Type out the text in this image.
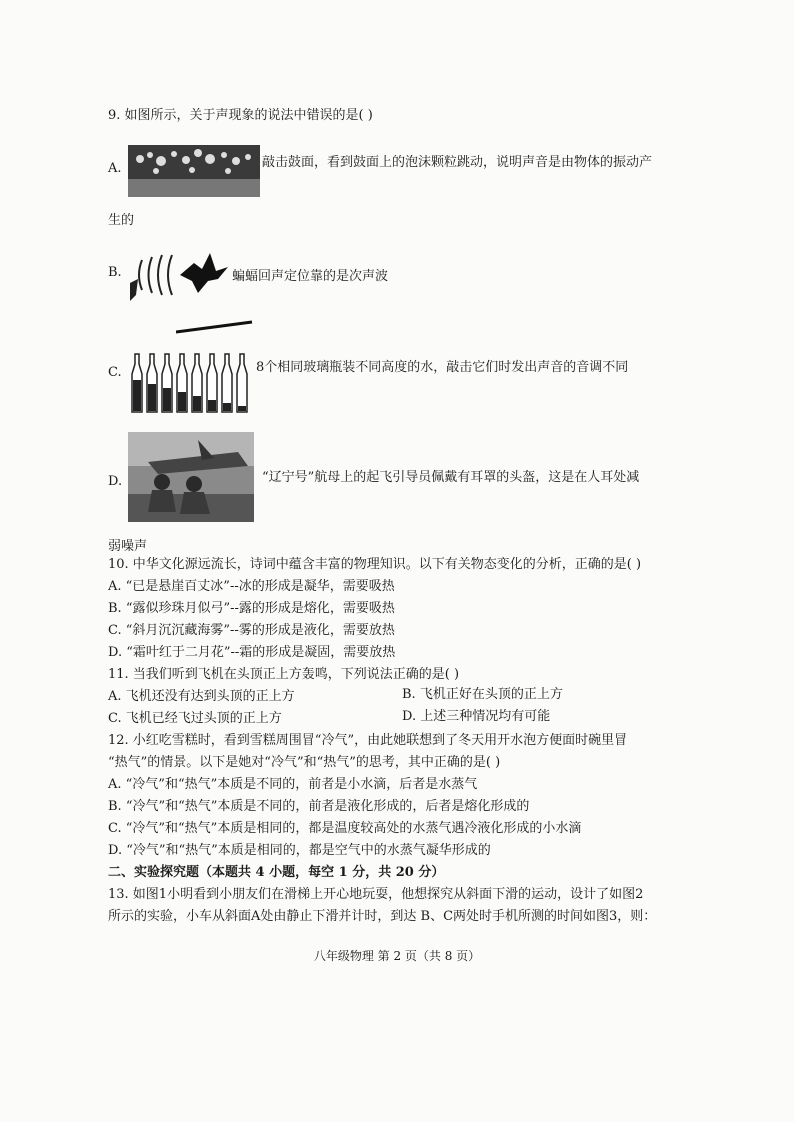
9. 如图所示，关于声现象的说法中错误的是( )
A.	敲击鼓面，看到鼓面上的泡沫颗粒跳动，说明声音是由物体的振动产
生的
B.	蝙蝠回声定位靠的是次声波
C.	8个相同玻璃瓶装不同高度的水，敲击它们时发出声音的音调不同
D.	“辽宁号”航母上的起飞引导员佩戴有耳罩的头盔，这是在人耳处减
弱噪声
10. 中华文化源远流长，诗词中蕴含丰富的物理知识。以下有关物态变化的分析，正确的是( )
A. “已是悬崖百丈冰”--冰的形成是凝华，需要吸热
B. “露似珍珠月似弓”--露的形成是熔化，需要吸热
C. “斜月沉沉藏海雾”--雾的形成是液化，需要放热
D. “霜叶红于二月花”--霜的形成是凝固，需要放热
11. 当我们听到飞机在头顶正上方轰鸣，下列说法正确的是( )
A. 飞机还没有达到头顶的正上方	B. 飞机正好在头顶的正上方
C. 飞机已经飞过头顶的正上方	D. 上述三种情况均有可能
12. 小红吃雪糕时，看到雪糕周围冒“冷气”，由此她联想到了冬天用开水泡方便面时碗里冒
“热气”的情景。以下是她对“冷气”和“热气”的思考，其中正确的是( )
A. “冷气”和“热气”本质是不同的，前者是小水滴，后者是水蒸气
B. “冷气”和“热气”本质是不同的，前者是液化形成的，后者是熔化形成的
C. “冷气”和“热气”本质是相同的，都是温度较高处的水蒸气遇冷液化形成的小水滴
D. “冷气”和“热气”本质是相同的，都是空气中的水蒸气凝华形成的
二、实验探究题（本题共 4 小题，每空 1 分，共 20 分）
13. 如图1小明看到小朋友们在滑梯上开心地玩耍，他想探究从斜面下滑的运动，设计了如图2
所示的实验，小车从斜面A处由静止下滑并计时，到达 B、C两处时手机所测的时间如图3，则：
八年级物理 第 2 页（共 8 页）
